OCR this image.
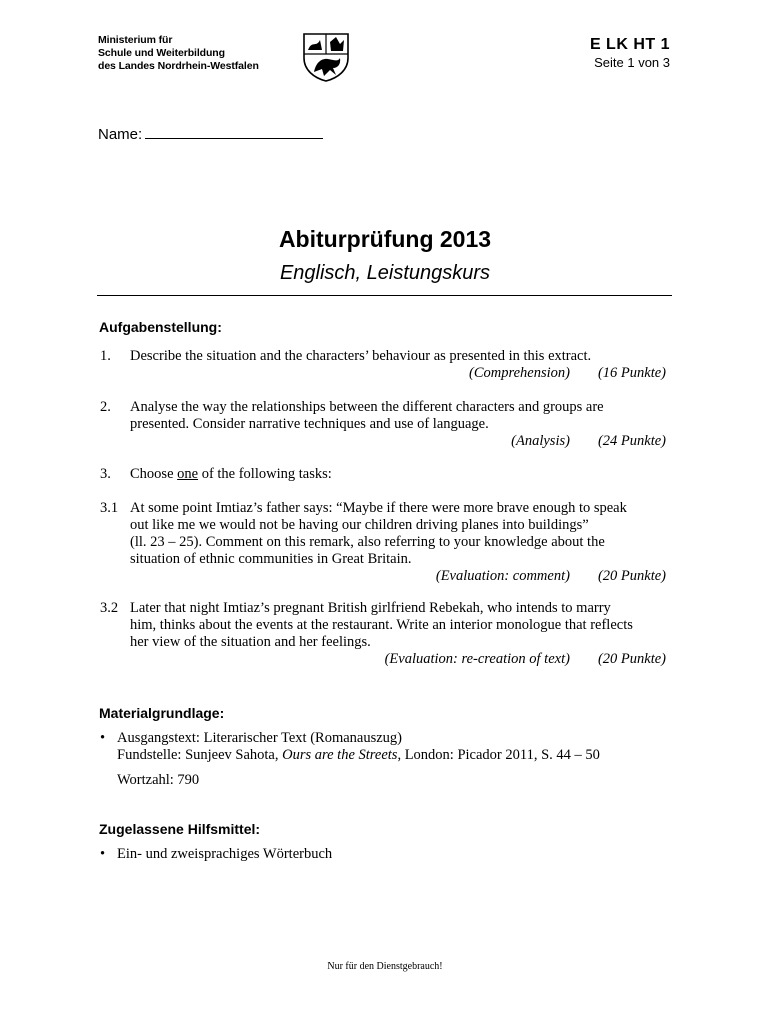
Ministerium für
Schule und Weiterbildung
des Landes Nordrhein-Westfalen
E LK HT 1
Seite 1 von 3
Name:
Abiturprüfung 2013
Englisch, Leistungskurs
Aufgabenstellung:
1. Describe the situation and the characters’ behaviour as presented in this extract.
(Comprehension) (16 Punkte)
2. Analyse the way the relationships between the different characters and groups are
presented. Consider narrative techniques and use of language.
(Analysis) (24 Punkte)
3. Choose one of the following tasks:
3.1 At some point Imtiaz’s father says: “Maybe if there were more brave enough to speak
out like me we would not be having our children driving planes into buildings”
(ll. 23 – 25). Comment on this remark, also referring to your knowledge about the
situation of ethnic communities in Great Britain.
(Evaluation: comment) (20 Punkte)
3.2 Later that night Imtiaz’s pregnant British girlfriend Rebekah, who intends to marry
him, thinks about the events at the restaurant. Write an interior monologue that reflects
her view of the situation and her feelings.
(Evaluation: re-creation of text) (20 Punkte)
Materialgrundlage:
• Ausgangstext: Literarischer Text (Romanauszug)
Fundstelle: Sunjeev Sahota, Ours are the Streets, London: Picador 2011, S. 44 – 50
Wortzahl: 790
Zugelassene Hilfsmittel:
• Ein- und zweisprachiges Wörterbuch
Nur für den Dienstgebrauch!
